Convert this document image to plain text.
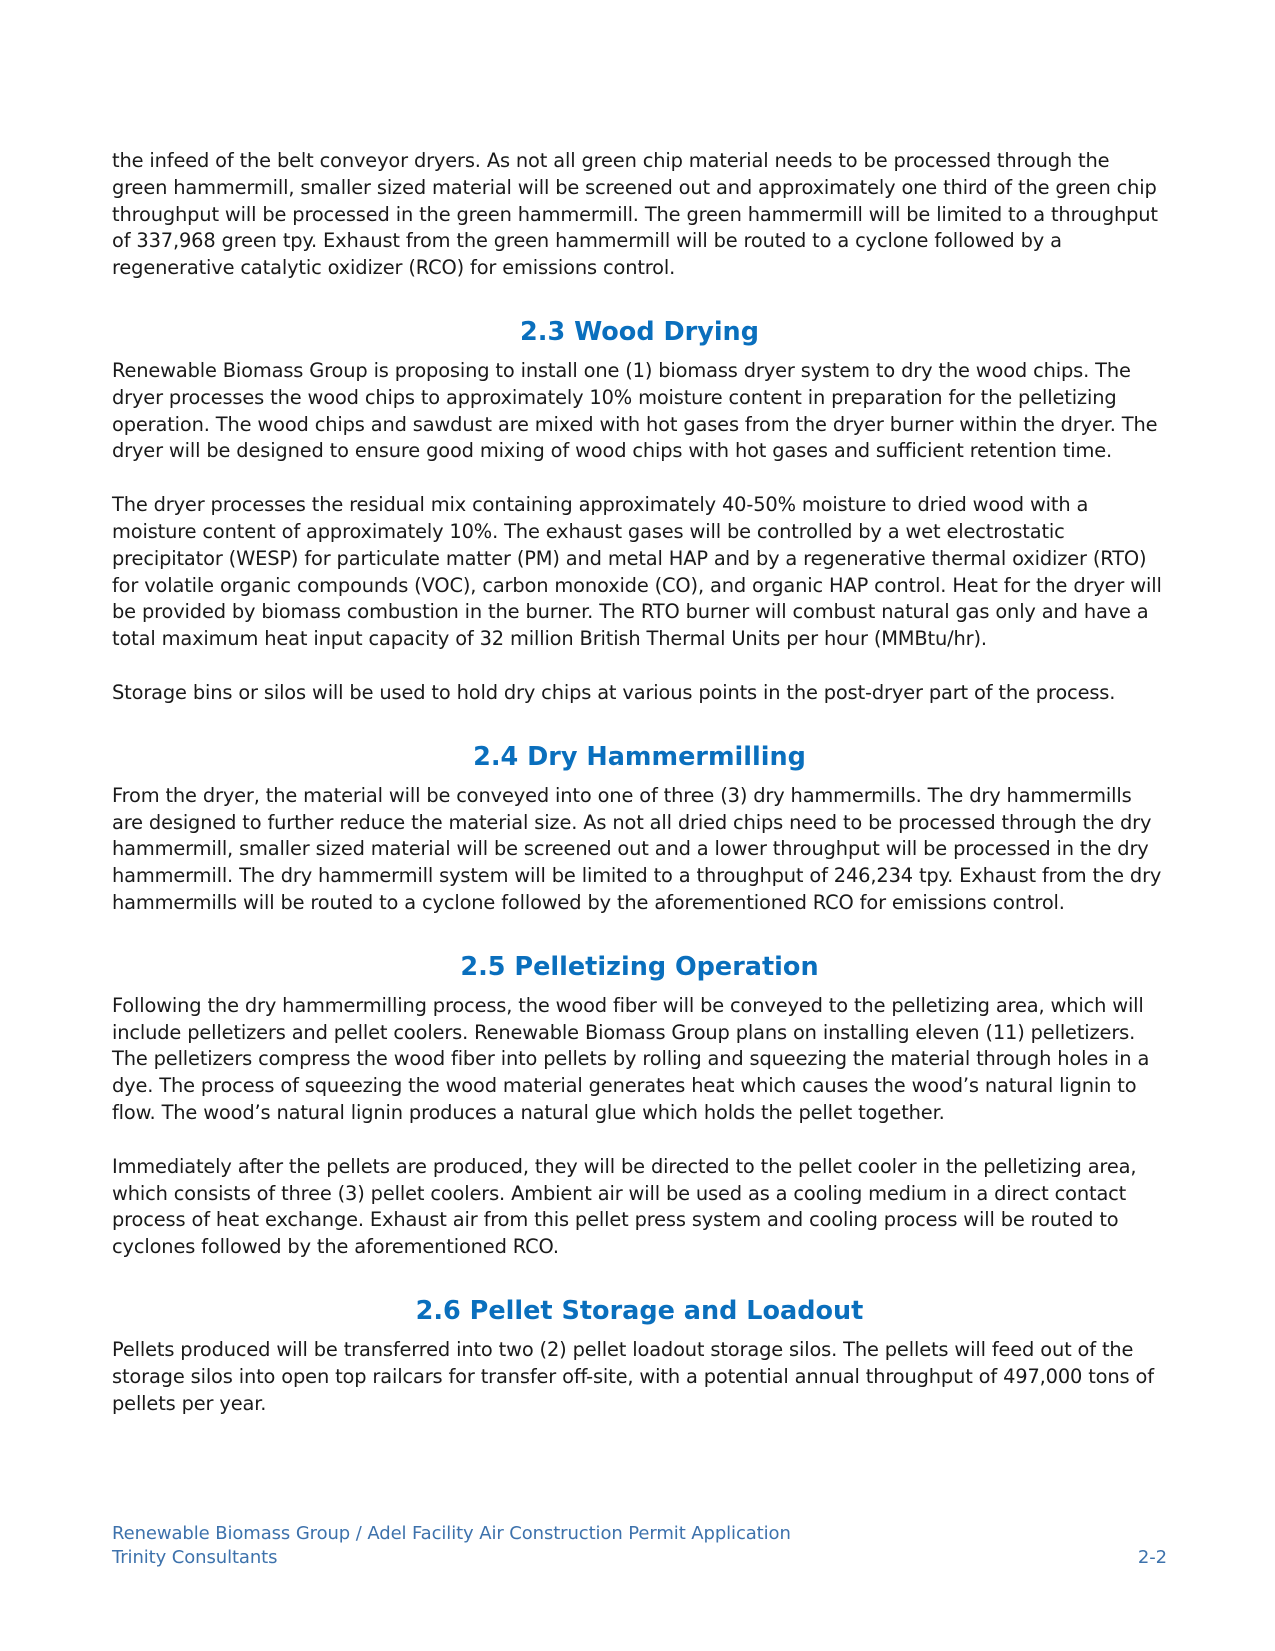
the infeed of the belt conveyor dryers. As not all green chip material needs to be processed through the green hammermill, smaller sized material will be screened out and approximately one third of the green chip throughput will be processed in the green hammermill. The green hammermill will be limited to a throughput of 337,968 green tpy. Exhaust from the green hammermill will be routed to a cyclone followed by a regenerative catalytic oxidizer (RCO) for emissions control.

2.3 Wood Drying

Renewable Biomass Group is proposing to install one (1) biomass dryer system to dry the wood chips. The dryer processes the wood chips to approximately 10% moisture content in preparation for the pelletizing operation. The wood chips and sawdust are mixed with hot gases from the dryer burner within the dryer. The dryer will be designed to ensure good mixing of wood chips with hot gases and sufficient retention time.

The dryer processes the residual mix containing approximately 40-50% moisture to dried wood with a moisture content of approximately 10%. The exhaust gases will be controlled by a wet electrostatic precipitator (WESP) for particulate matter (PM) and metal HAP and by a regenerative thermal oxidizer (RTO) for volatile organic compounds (VOC), carbon monoxide (CO), and organic HAP control. Heat for the dryer will be provided by biomass combustion in the burner. The RTO burner will combust natural gas only and have a total maximum heat input capacity of 32 million British Thermal Units per hour (MMBtu/hr).

Storage bins or silos will be used to hold dry chips at various points in the post-dryer part of the process.

2.4 Dry Hammermilling

From the dryer, the material will be conveyed into one of three (3) dry hammermills. The dry hammermills are designed to further reduce the material size. As not all dried chips need to be processed through the dry hammermill, smaller sized material will be screened out and a lower throughput will be processed in the dry hammermill. The dry hammermill system will be limited to a throughput of 246,234 tpy. Exhaust from the dry hammermills will be routed to a cyclone followed by the aforementioned RCO for emissions control.

2.5 Pelletizing Operation

Following the dry hammermilling process, the wood fiber will be conveyed to the pelletizing area, which will include pelletizers and pellet coolers. Renewable Biomass Group plans on installing eleven (11) pelletizers. The pelletizers compress the wood fiber into pellets by rolling and squeezing the material through holes in a dye. The process of squeezing the wood material generates heat which causes the wood’s natural lignin to flow. The wood’s natural lignin produces a natural glue which holds the pellet together.

Immediately after the pellets are produced, they will be directed to the pellet cooler in the pelletizing area, which consists of three (3) pellet coolers. Ambient air will be used as a cooling medium in a direct contact process of heat exchange. Exhaust air from this pellet press system and cooling process will be routed to cyclones followed by the aforementioned RCO.

2.6 Pellet Storage and Loadout

Pellets produced will be transferred into two (2) pellet loadout storage silos. The pellets will feed out of the storage silos into open top railcars for transfer off-site, with a potential annual throughput of 497,000 tons of pellets per year.

Renewable Biomass Group / Adel Facility Air Construction Permit Application
Trinity Consultants	2-2
